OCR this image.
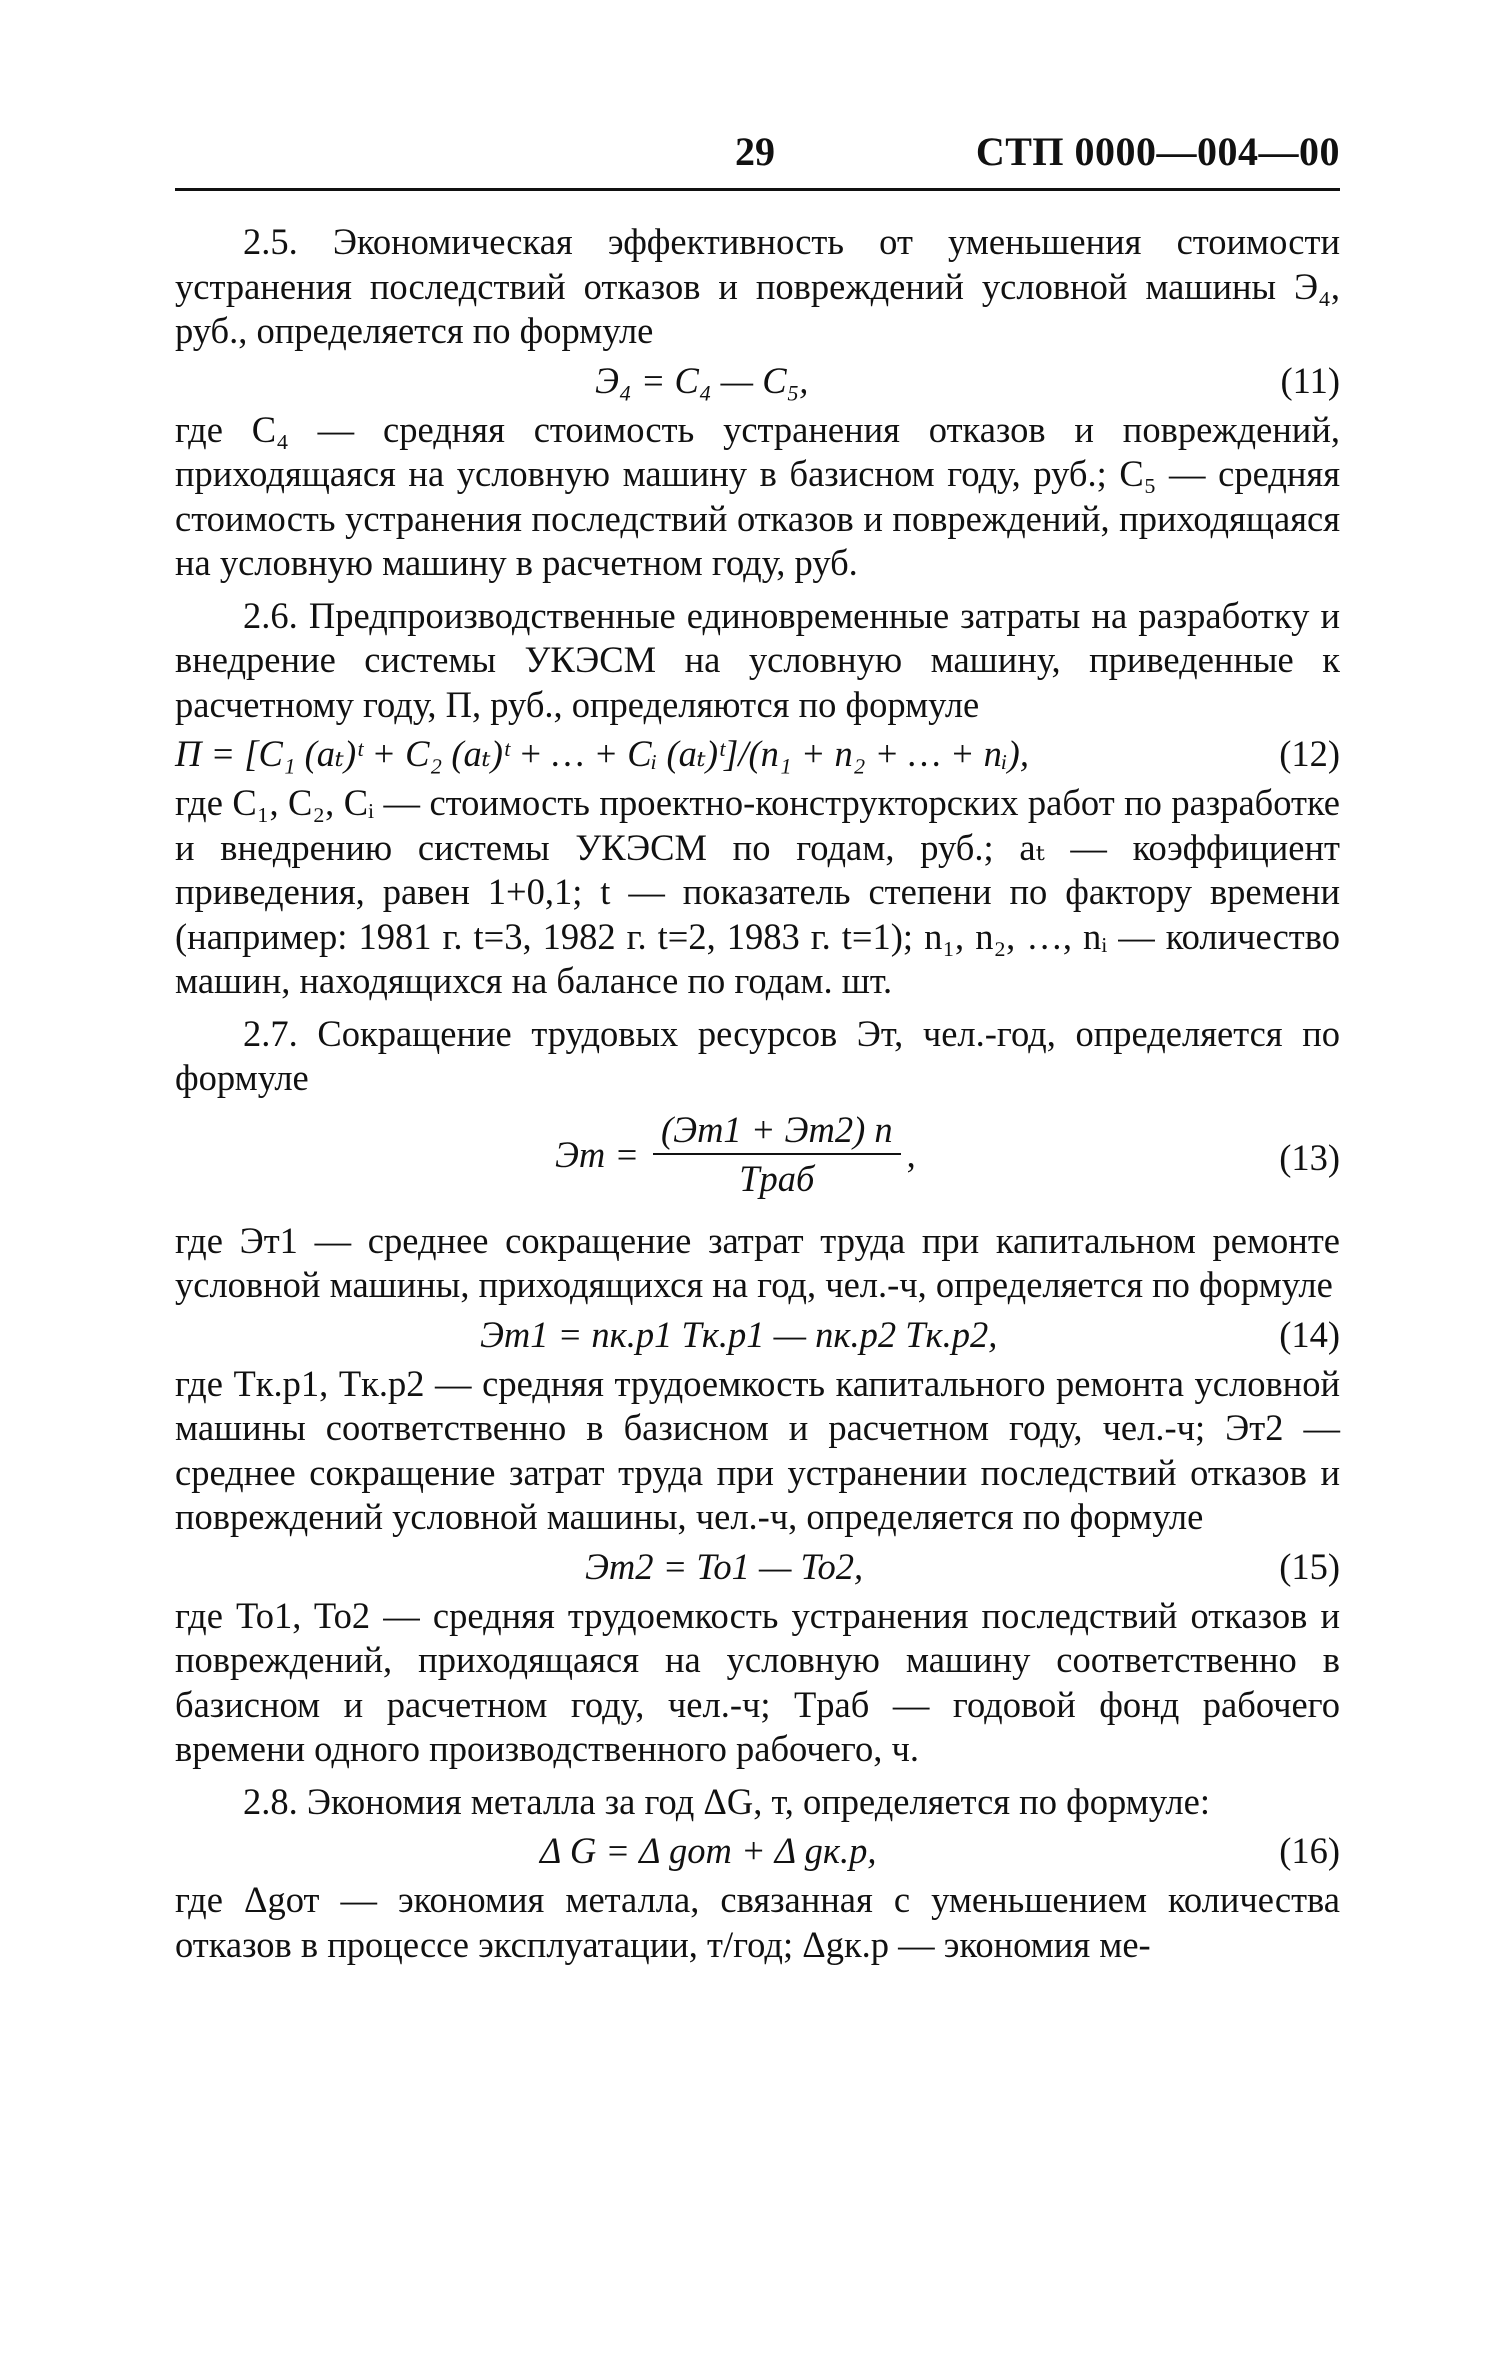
29	СТП 0000—004—00

2.5. Экономическая эффективность от уменьшения стоимости устранения последствий отказов и повреждений условной машины Э₄, руб., определяется по формуле

Э₄ = C₄ — C₅,	(11)

где C₄ — средняя стоимость устранения отказов и повреждений, приходящаяся на условную машину в базисном году, руб.; C₅ — средняя стоимость устранения последствий отказов и повреждений, приходящаяся на условную машину в расчетном году, руб.

2.6. Предпроизводственные единовременные затраты на разработку и внедрение системы УКЭСМ на условную машину, приведенные к расчетному году, П, руб., определяются по формуле

П = [C₁ (aₜ)ᵗ + C₂ (aₜ)ᵗ + … + Cᵢ (aₜ)ᵗ]/(n₁ + n₂ + … + nᵢ),	(12)

где C₁, C₂, Cᵢ — стоимость проектно-конструкторских работ по разработке и внедрению системы УКЭСМ по годам, руб.; aₜ — коэффициент приведения, равен 1+0,1; t — показатель степени по фактору времени (например: 1981 г. t=3, 1982 г. t=2, 1983 г. t=1); n₁, n₂, …, nᵢ — количество машин, находящихся на балансе по годам. шт.

2.7. Сокращение трудовых ресурсов Эт, чел.-год, определяется по формуле

Эт = $\frac{(Эт1 + Эт2) n}{\text{Tраб}}$ ,	(13)

где Эт1 — среднее сокращение затрат труда при капитальном ремонте условной машины, приходящихся на год, чел.-ч, определяется по формуле

Эт1 = nк.р1 Tк.р1 — nк.р2 Tк.р2,	(14)

где Tк.р1, Tк.р2 — средняя трудоемкость капитального ремонта условной машины соответственно в базисном и расчетном году, чел.-ч; Эт2 — среднее сокращение затрат труда при устранении последствий отказов и повреждений условной машины, чел.-ч, определяется по формуле

Эт2 = To1 — To2,	(15)

где To1, To2 — средняя трудоемкость устранения последствий отказов и повреждений, приходящаяся на условную машину соответственно в базисном и расчетном году, чел.-ч; Tраб — годовой фонд рабочего времени одного производственного рабочего, ч.

2.8. Экономия металла за год ΔG, т, определяется по формуле:

Δ G = Δ gот + Δ gк.р,	(16)

где Δgот — экономия металла, связанная с уменьшением количества отказов в процессе эксплуатации, т/год; Δgк.р — экономия ме-
